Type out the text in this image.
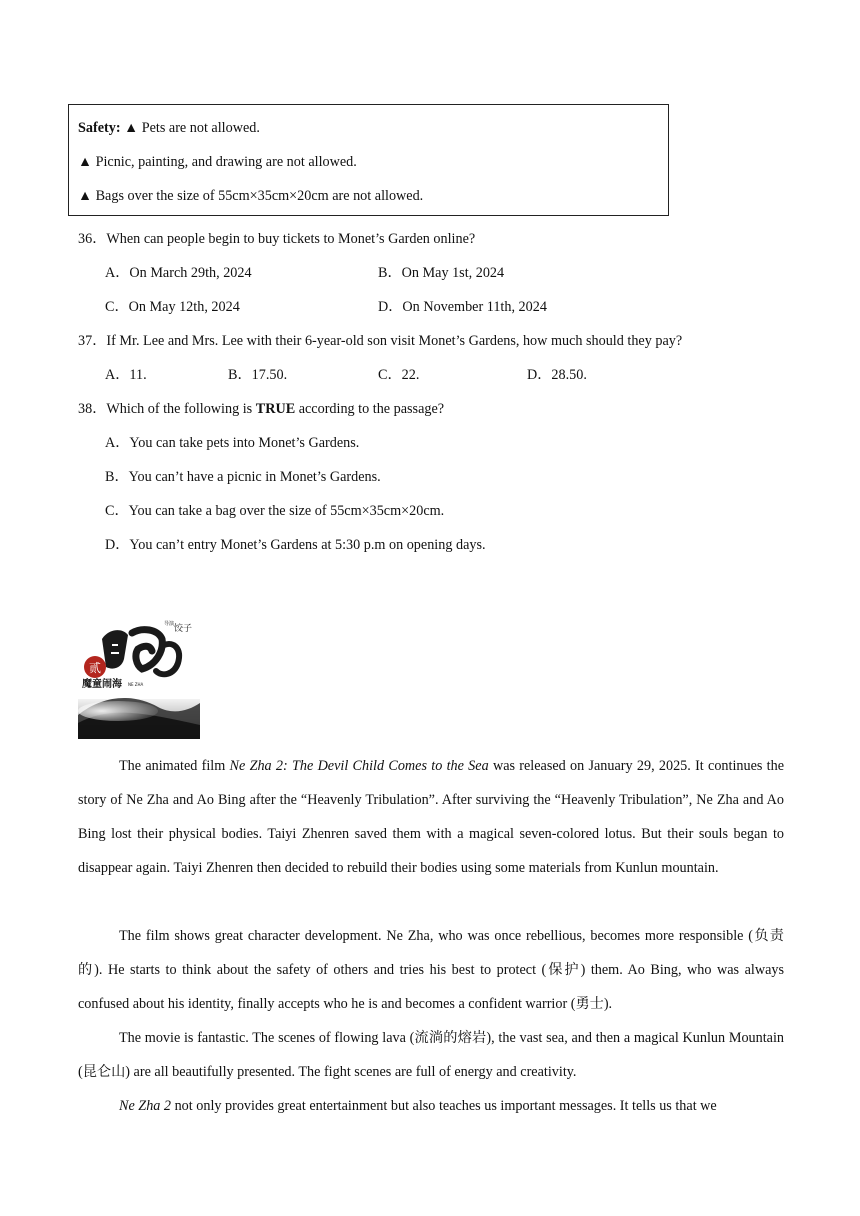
Safety: ▲ Pets are not allowed.
▲ Picnic, painting, and drawing are not allowed.
▲ Bags over the size of 55cm×35cm×20cm are not allowed.
36．When can people begin to buy tickets to Monet’s Garden online?
A．On March 29th, 2024	B．On May 1st, 2024
C．On May 12th, 2024	D．On November 11th, 2024
37．If Mr. Lee and Mrs. Lee with their 6-year-old son visit Monet’s Gardens, how much should they pay?
A．11.	B．17.50.	C．22.	D．28.50.
38．Which of the following is TRUE according to the passage?
A．You can take pets into Monet’s Gardens.
B．You can’t have a picnic in Monet’s Gardens.
C．You can take a bag over the size of 55cm×35cm×20cm.
D．You can’t entry Monet’s Gardens at 5:30 p.m on opening days.
贰
饺子
导演
魔童闹海 NE ZHA

The animated film Ne Zha 2: The Devil Child Comes to the Sea was released on January 29, 2025. It continues the story of Ne Zha and Ao Bing after the “Heavenly Tribulation”. After surviving the “Heavenly Tribulation”, Ne Zha and Ao Bing lost their physical bodies. Taiyi Zhenren saved them with a magical seven-colored lotus. But their souls began to disappear again. Taiyi Zhenren then decided to rebuild their bodies using some materials from Kunlun mountain.

The film shows great character development. Ne Zha, who was once rebellious, becomes more responsible (负责的). He starts to think about the safety of others and tries his best to protect (保护) them. Ao Bing, who was always confused about his identity, finally accepts who he is and becomes a confident warrior (勇士).

The movie is fantastic. The scenes of flowing lava (流淌的熔岩), the vast sea, and then a magical Kunlun Mountain (昆仑山) are all beautifully presented. The fight scenes are full of energy and creativity.

Ne Zha 2 not only provides great entertainment but also teaches us important messages. It tells us that we
